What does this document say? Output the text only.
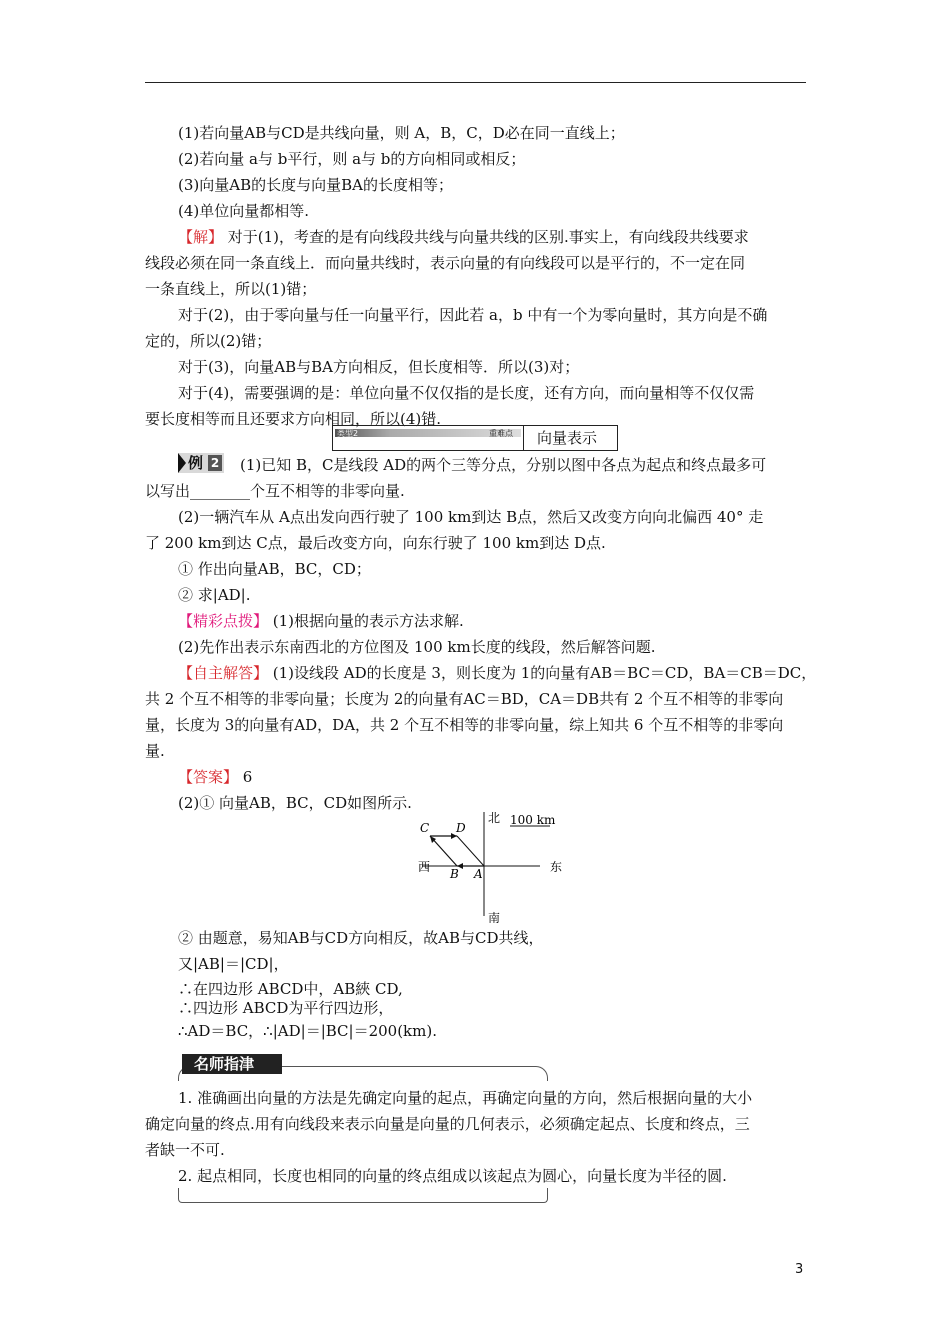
(1)若向量AB与CD是共线向量，则 A，B，C，D必在同一直线上；
(2)若向量 a与 b平行，则 a与 b的方向相同或相反；
(3)向量AB的长度与向量BA的长度相等；
(4)单位向量都相等.
【解】 对于(1)，考查的是有向线段共线与向量共线的区别.事实上，有向线段共线要求
线段必须在同一条直线上．而向量共线时，表示向量的有向线段可以是平行的，不一定在同
一条直线上，所以(1)错；
对于(2)，由于零向量与任一向量平行，因此若 a，b 中有一个为零向量时，其方向是不确
定的，所以(2)错；
对于(3)，向量AB与BA方向相反，但长度相等．所以(3)对；
对于(4)，需要强调的是：单位向量不仅仅指的是长度，还有方向，而向量相等不仅仅需
要长度相等而且还要求方向相同，所以(4)错.
类型2	重难点 向量表示
例 2 (1)已知 B，C是线段 AD的两个三等分点，分别以图中各点为起点和终点最多可
以写出________个互不相等的非零向量.
(2)一辆汽车从 A点出发向西行驶了 100 km到达 B点，然后又改变方向向北偏西 40° 走
了 200 km到达 C点，最后改变方向，向东行驶了 100 km到达 D点.
① 作出向量AB，BC，CD；
② 求|AD|.
【精彩点拨】 (1)根据向量的表示方法求解.
(2)先作出表示东南西北的方位图及 100 km长度的线段，然后解答问题.
【自主解答】 (1)设线段 AD的长度是 3，则长度为 1的向量有AB＝BC＝CD，BA＝CB＝DC，
共 2 个互不相等的非零向量；长度为 2的向量有AC＝BD，CA＝DB共有 2 个互不相等的非零向
量，长度为 3的向量有AD，DA，共 2 个互不相等的非零向量，综上知共 6 个互不相等的非零向
量.
【答案】 6
(2)① 向量AB，BC，CD如图所示.
北
南
东
西
100 km
A
B
C D
② 由题意，易知AB与CD方向相反，故AB与CD共线，
又|AB|＝|CD|，
∴在四边形 ABCD中，AB綊 CD,
∴四边形 ABCD为平行四边形，
∴AD＝BC，∴|AD|＝|BC|＝200(km).
名师指津
1. 准确画出向量的方法是先确定向量的起点，再确定向量的方向，然后根据向量的大小
确定向量的终点.用有向线段来表示向量是向量的几何表示，必须确定起点、长度和终点，三
者缺一不可.
2. 起点相同，长度也相同的向量的终点组成以该起点为圆心，向量长度为半径的圆.
3
